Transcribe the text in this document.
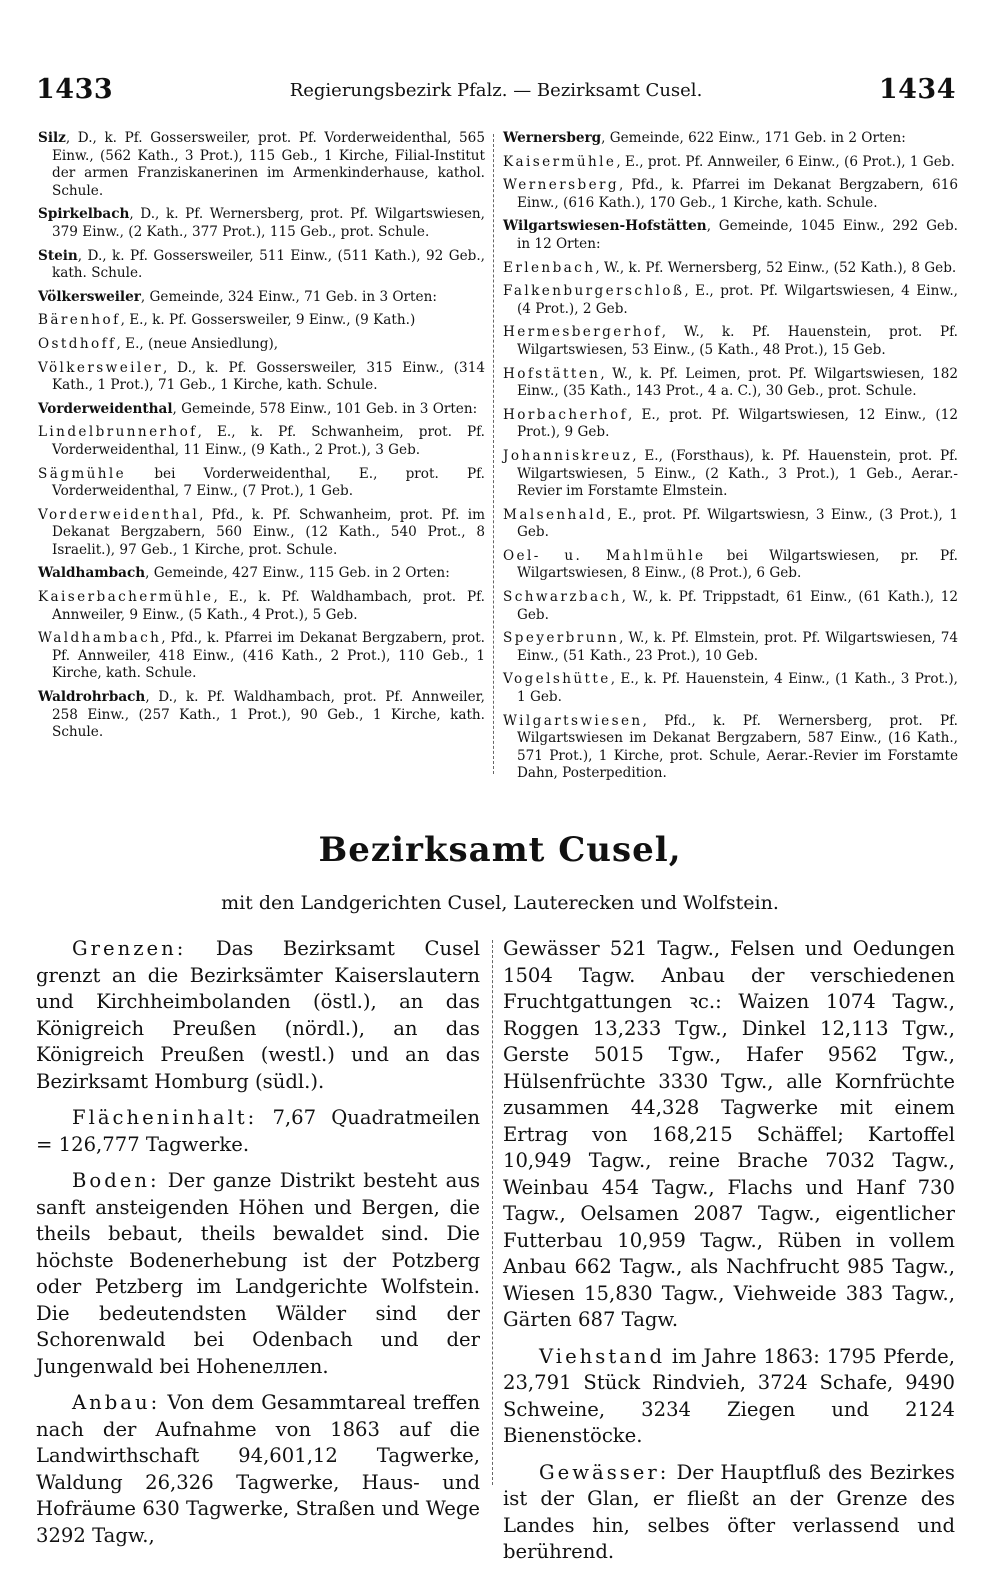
1433	Regierungsbezirk Pfalz. — Bezirksamt Cusel.	1434

Silz, D., k. Pf. Gossersweiler, prot. Pf. Vorderweidenthal, 565 Einw., (562 Kath., 3 Prot.), 115 Geb., 1 Kirche, Filial-Institut der armen Franziskanerinen im Armenkinderhause, kathol. Schule.

Spirkelbach, D., k. Pf. Wernersberg, prot. Pf. Wilgartswiesen, 379 Einw., (2 Kath., 377 Prot.), 115 Geb., prot. Schule.

Stein, D., k. Pf. Gossersweiler, 511 Einw., (511 Kath.), 92 Geb., kath. Schule.

Völkersweiler, Gemeinde, 324 Einw., 71 Geb. in 3 Orten:

Bärenhof, E., k. Pf. Gossersweiler, 9 Einw., (9 Kath.)

Ostdhoff, E., (neue Ansiedlung),

Völkersweiler, D., k. Pf. Gossersweiler, 315 Einw., (314 Kath., 1 Prot.), 71 Geb., 1 Kirche, kath. Schule.

Vorderweidenthal, Gemeinde, 578 Einw., 101 Geb. in 3 Orten:

Lindelbrunnerhof, E., k. Pf. Schwanheim, prot. Pf. Vorderweidenthal, 11 Einw., (9 Kath., 2 Prot.), 3 Geb.

Sägmühle bei Vorderweidenthal, E., prot. Pf. Vorderweidenthal, 7 Einw., (7 Prot.), 1 Geb.

Vorderweidenthal, Pfd., k. Pf. Schwanheim, prot. Pf. im Dekanat Bergzabern, 560 Einw., (12 Kath., 540 Prot., 8 Israelit.), 97 Geb., 1 Kirche, prot. Schule.

Waldhambach, Gemeinde, 427 Einw., 115 Geb. in 2 Orten:

Kaiserbachermühle, E., k. Pf. Waldhambach, prot. Pf. Annweiler, 9 Einw., (5 Kath., 4 Prot.), 5 Geb.

Waldhambach, Pfd., k. Pfarrei im Dekanat Bergzabern, prot. Pf. Annweiler, 418 Einw., (416 Kath., 2 Prot.), 110 Geb., 1 Kirche, kath. Schule.

Waldrohrbach, D., k. Pf. Waldhambach, prot. Pf. Annweiler, 258 Einw., (257 Kath., 1 Prot.), 90 Geb., 1 Kirche, kath. Schule.

Wernersberg, Gemeinde, 622 Einw., 171 Geb. in 2 Orten:

Kaisermühle, E., prot. Pf. Annweiler, 6 Einw., (6 Prot.), 1 Geb.

Wernersberg, Pfd., k. Pfarrei im Dekanat Bergzabern, 616 Einw., (616 Kath.), 170 Geb., 1 Kirche, kath. Schule.

Wilgartswiesen-Hofstätten, Gemeinde, 1045 Einw., 292 Geb. in 12 Orten:

Erlenbach, W., k. Pf. Wernersberg, 52 Einw., (52 Kath.), 8 Geb.

Falkenburgerschloß, E., prot. Pf. Wilgartswiesen, 4 Einw., (4 Prot.), 2 Geb.

Hermesbergerhof, W., k. Pf. Hauenstein, prot. Pf. Wilgartswiesen, 53 Einw., (5 Kath., 48 Prot.), 15 Geb.

Hofstätten, W., k. Pf. Leimen, prot. Pf. Wilgartswiesen, 182 Einw., (35 Kath., 143 Prot., 4 a. C.), 30 Geb., prot. Schule.

Horbacherhof, E., prot. Pf. Wilgartswiesen, 12 Einw., (12 Prot.), 9 Geb.

Johanniskreuz, E., (Forsthaus), k. Pf. Hauenstein, prot. Pf. Wilgartswiesen, 5 Einw., (2 Kath., 3 Prot.), 1 Geb., Aerar.-Revier im Forstamte Elmstein.

Malsenhald, E., prot. Pf. Wilgartswiesn, 3 Einw., (3 Prot.), 1 Geb.

Oel- u. Mahlmühle bei Wilgartswiesen, pr. Pf. Wilgartswiesen, 8 Einw., (8 Prot.), 6 Geb.

Schwarzbach, W., k. Pf. Trippstadt, 61 Einw., (61 Kath.), 12 Geb.

Speyerbrunn, W., k. Pf. Elmstein, prot. Pf. Wilgartswiesen, 74 Einw., (51 Kath., 23 Prot.), 10 Geb.

Vogelshütte, E., k. Pf. Hauenstein, 4 Einw., (1 Kath., 3 Prot.), 1 Geb.

Wilgartswiesen, Pfd., k. Pf. Wernersberg, prot. Pf. Wilgartswiesen im Dekanat Bergzabern, 587 Einw., (16 Kath., 571 Prot.), 1 Kirche, prot. Schule, Aerar.-Revier im Forstamte Dahn, Posterpedition.

Bezirksamt Cusel,
mit den Landgerichten Cusel, Lauterecken und Wolfstein.

Grenzen: Das Bezirksamt Cusel grenzt an die Bezirksämter Kaiserslautern und Kirchheimbolanden (östl.), an das Königreich Preußen (nördl.), an das Königreich Preußen (westl.) und an das Bezirksamt Homburg (südl.).

Flächeninhalt: 7,67 Quadratmeilen = 126,777 Tagwerke.

Boden: Der ganze Distrikt besteht aus sanft ansteigenden Höhen und Bergen, die theils bebaut, theils bewaldet sind. Die höchste Bodenerhebung ist der Potzberg oder Petzberg im Landgerichte Wolfstein. Die bedeutendsten Wälder sind der Schorenwald bei Odenbach und der Jungenwald bei Hoheneллen.

Anbau: Von dem Gesammtareal treffen nach der Aufnahme von 1863 auf die Landwirthschaft 94,601,12 Tagwerke, Waldung 26,326 Tagwerke, Haus- und Hofräume 630 Tagwerke, Straßen und Wege 3292 Tagw.,

Gewässer 521 Tagw., Felsen und Oedungen 1504 Tagw. Anbau der verschiedenen Fruchtgattungen ꝛc.: Waizen 1074 Tagw., Roggen 13,233 Tgw., Dinkel 12,113 Tgw., Gerste 5015 Tgw., Hafer 9562 Tgw., Hülsenfrüchte 3330 Tgw., alle Kornfrüchte zusammen 44,328 Tagwerke mit einem Ertrag von 168,215 Schäffel; Kartoffel 10,949 Tagw., reine Brache 7032 Tagw., Weinbau 454 Tagw., Flachs und Hanf 730 Tagw., Oelsamen 2087 Tagw., eigentlicher Futterbau 10,959 Tagw., Rüben in vollem Anbau 662 Tagw., als Nachfrucht 985 Tagw., Wiesen 15,830 Tagw., Viehweide 383 Tagw., Gärten 687 Tagw.

Viehstand im Jahre 1863: 1795 Pferde, 23,791 Stück Rindvieh, 3724 Schafe, 9490 Schweine, 3234 Ziegen und 2124 Bienenstöcke.

Gewässer: Der Hauptfluß des Bezirkes ist der Glan, er fließt an der Grenze des Landes hin, selbes öfter verlassend und berührend.
